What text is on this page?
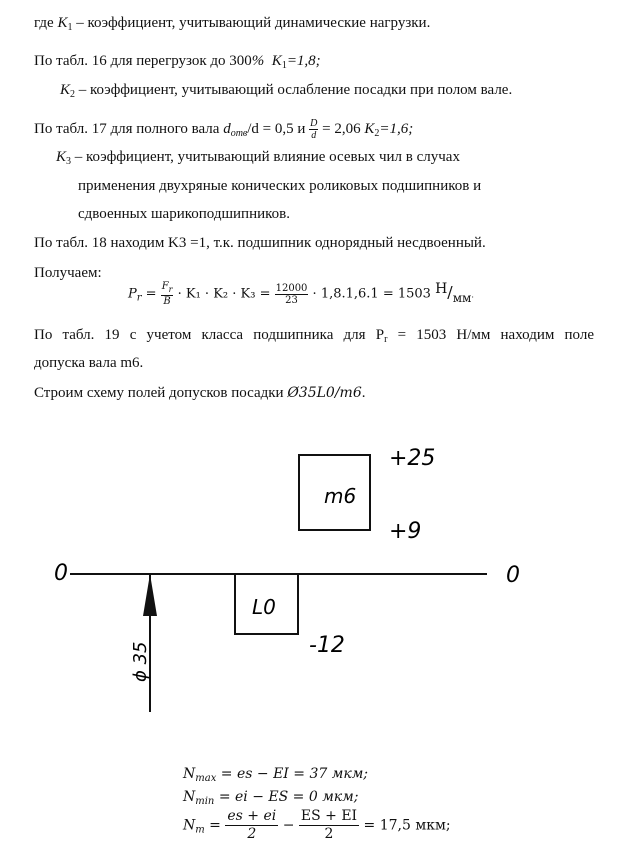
где $K_1$ – коэффициент, учитывающий динамические нагрузки.
По табл. 16 для перегрузок до 300% $K_1=1,8$;
$K_2$ – коэффициент, учитывающий ослабление посадки при полом вале.
По табл. 17 для полного вала $d_{отв}/d = 0,5$ и $\frac{D}{d} = 2,06$ $K_2=1,6$;
$K_3$ – коэффициент, учитывающий влияние осевых чил в случах
применения двухряные конических роликовых подшипников и
сдвоенных шарикоподшипников.
По табл. 18 находим K3 =1, т.к. подшипник однорядный несдвоенный.
Получаем:
$P_r = \frac{F_r}{B} \cdot K_1 \cdot K_2 \cdot K_3 = \frac{12000}{23} \cdot 1,8.1,6.1 = 1503$ Н/мм.
По табл. 19 с учетом класса подшипника для $P_r = 1503$ Н/мм находим поле
допуска вала m6.
Строим схему полей допусков посадки Ø35L0/m6.
m6
L0
+25
+9
-12
0	0
ϕ 35
$N_{max}$ = es − EI = 37 мкм;
$N_{min}$ = ei − ES = 0 мкм;
$N_m = \frac{es + ei}{2} - \frac{ES + EI}{2} = 17,5$ мкм;
